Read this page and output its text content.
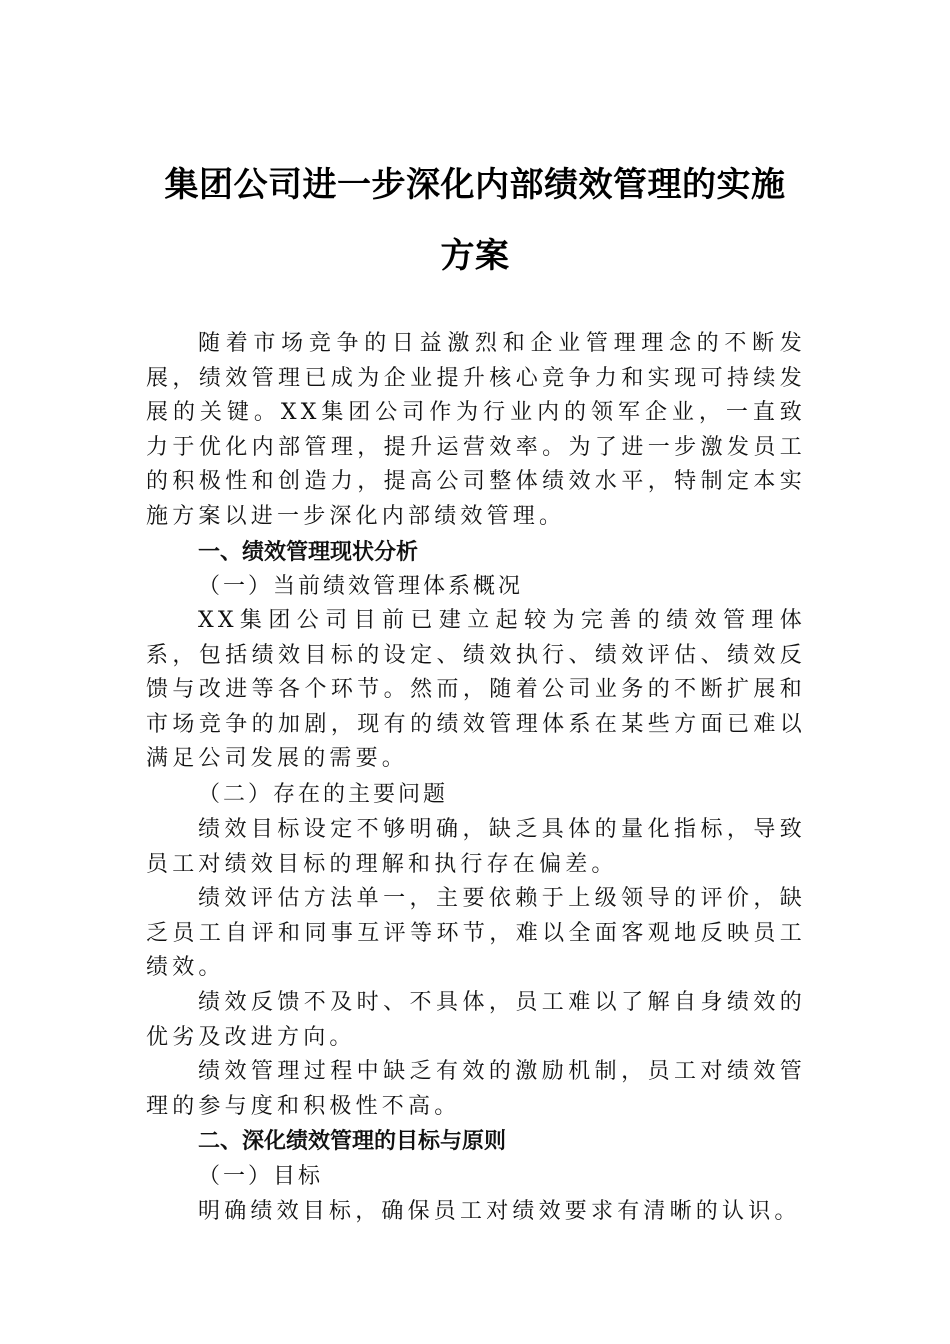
集团公司进一步深化内部绩效管理的实施
方案

随着市场竞争的日益激烈和企业管理理念的不断发展，绩效管理已成为企业提升核心竞争力和实现可持续发展的关键。XX集团公司作为行业内的领军企业，一直致力于优化内部管理，提升运营效率。为了进一步激发员工的积极性和创造力，提高公司整体绩效水平，特制定本实施方案以进一步深化内部绩效管理。

一、绩效管理现状分析

（一）当前绩效管理体系概况

XX集团公司目前已建立起较为完善的绩效管理体系，包括绩效目标的设定、绩效执行、绩效评估、绩效反馈与改进等各个环节。然而，随着公司业务的不断扩展和市场竞争的加剧，现有的绩效管理体系在某些方面已难以满足公司发展的需要。

（二）存在的主要问题

绩效目标设定不够明确，缺乏具体的量化指标，导致员工对绩效目标的理解和执行存在偏差。

绩效评估方法单一，主要依赖于上级领导的评价，缺乏员工自评和同事互评等环节，难以全面客观地反映员工绩效。

绩效反馈不及时、不具体，员工难以了解自身绩效的优劣及改进方向。

绩效管理过程中缺乏有效的激励机制，员工对绩效管理的参与度和积极性不高。

二、深化绩效管理的目标与原则

（一）目标

明确绩效目标，确保员工对绩效要求有清晰的认识。
